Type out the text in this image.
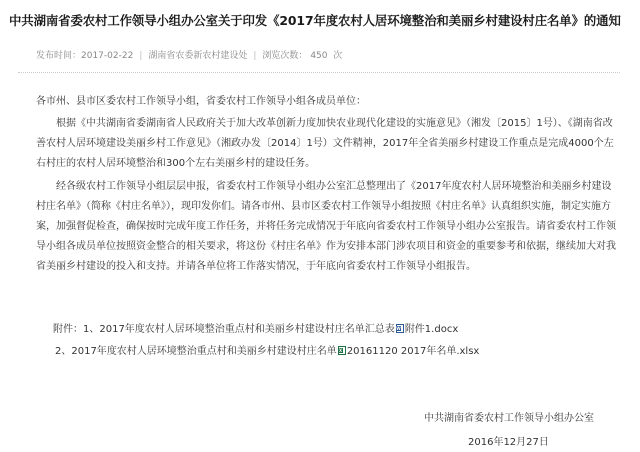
中共湖南省委农村工作领导小组办公室关于印发《2017年度农村人居环境整治和美丽乡村建设村庄名单》的通知
发布时间：2017-02-22 | 湖南省农委新农村建设处 | 浏览次数： 450 次
各市州、县市区委农村工作领导小组，省委农村工作领导小组各成员单位：
根据《中共湖南省委湖南省人民政府关于加大改革创新力度加快农业现代化建设的实施意见》（湘发〔2015〕1号）、《湖南省改善农村人居环境建设美丽乡村工作意见》（湘政办发〔2014〕1号）文件精神，2017年全省美丽乡村建设工作重点是完成4000个左右村庄的农村人居环境整治和300个左右美丽乡村的建设任务。
经各级农村工作领导小组层层申报，省委农村工作领导小组办公室汇总整理出了《2017年度农村人居环境整治和美丽乡村建设村庄名单》（简称《村庄名单》），现印发你们。请各市州、县市区委农村工作领导小组按照《村庄名单》认真组织实施，制定实施方案，加强督促检查，确保按时完成年度工作任务，并将任务完成情况于年底向省委农村工作领导小组办公室报告。请省委农村工作领导小组各成员单位按照资金整合的相关要求，将这份《村庄名单》作为安排本部门涉农项目和资金的重要参考和依据，继续加大对我省美丽乡村建设的投入和支持。并请各单位将工作落实情况，于年底向省委农村工作领导小组报告。
附件：1、2017年度农村人居环境整治重点村和美丽乡村建设村庄名单汇总表 W 附件1.docx
2、2017年度农村人居环境整治重点村和美丽乡村建设村庄名单 X 20161120 2017年名单.xlsx
中共湖南省委农村工作领导小组办公室
2016年12月27日
